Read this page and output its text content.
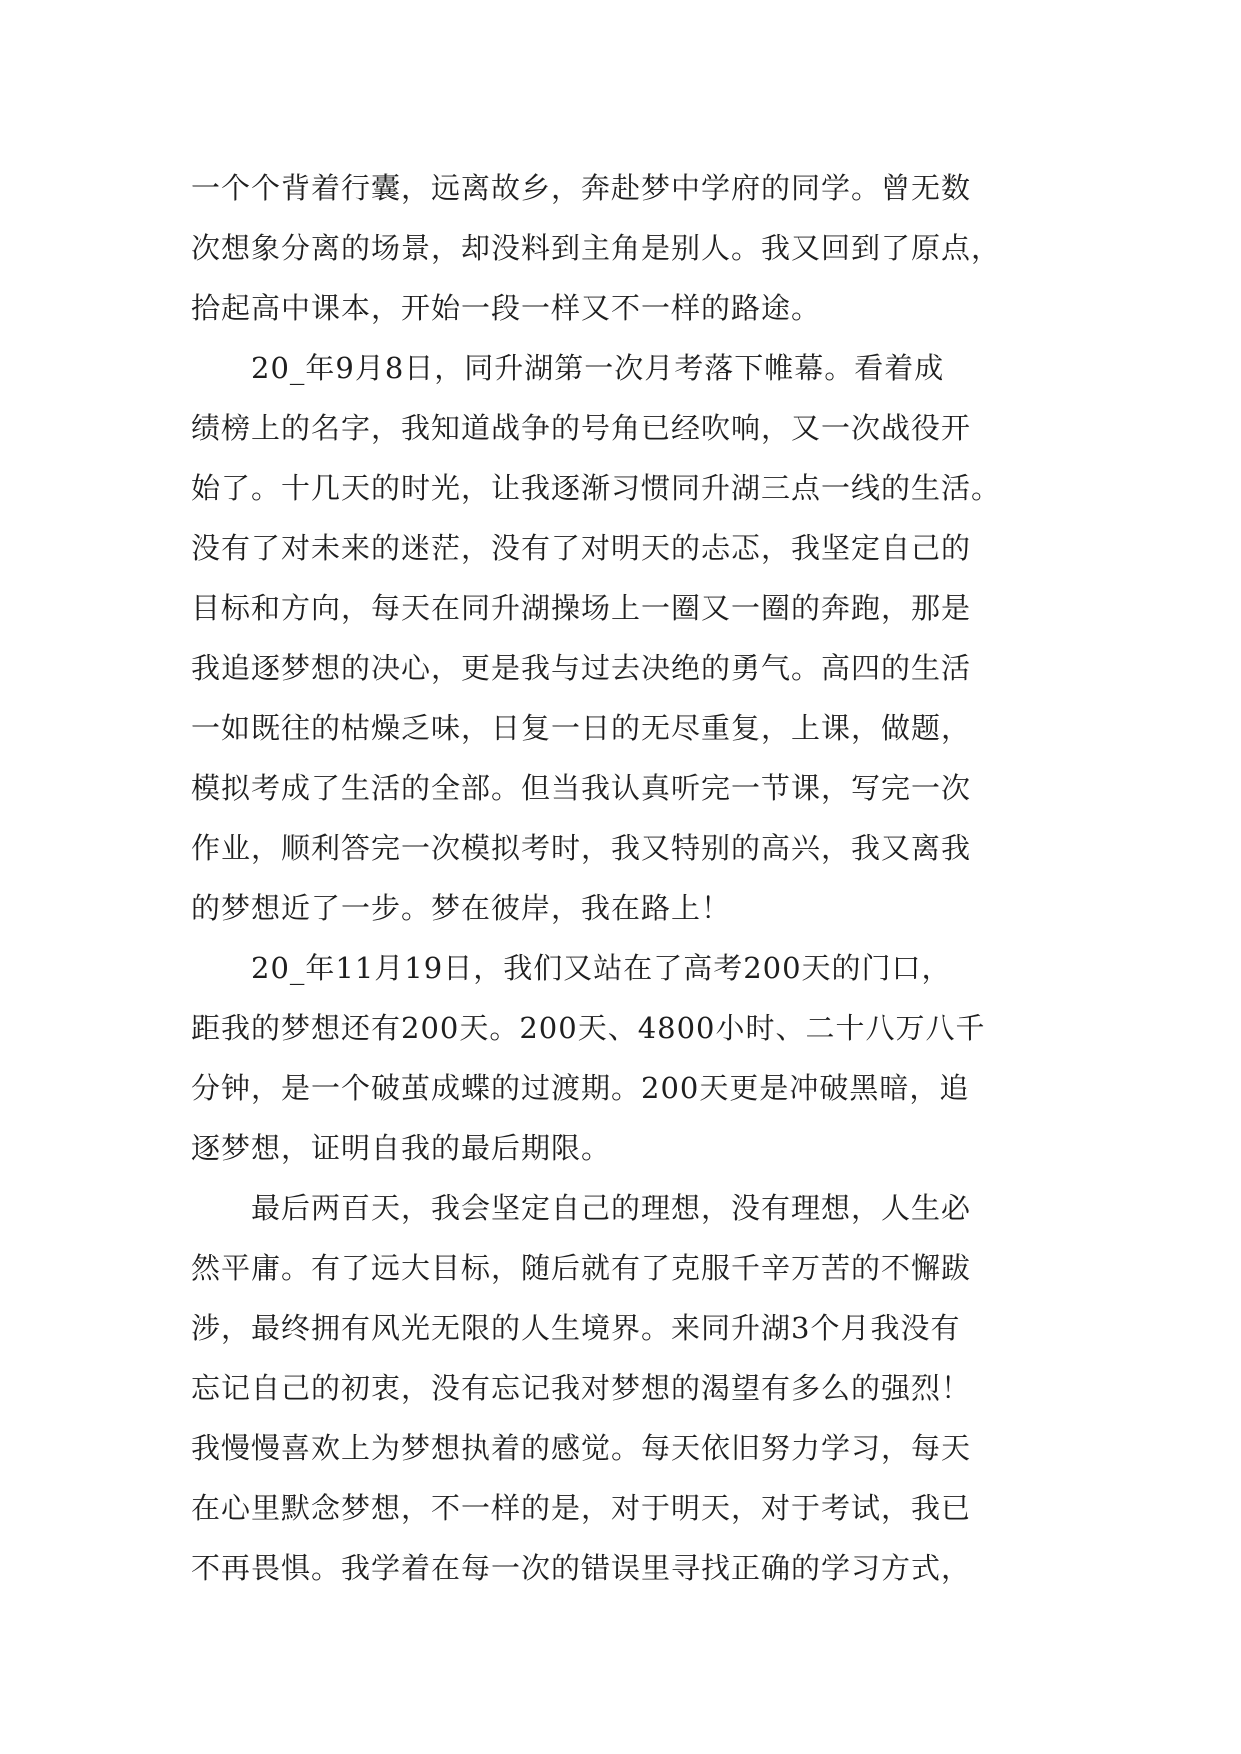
一个个背着行囊，远离故乡，奔赴梦中学府的同学。曾无数
次想象分离的场景，却没料到主角是别人。我又回到了原点，
拾起高中课本，开始一段一样又不一样的路途。
20_年9月8日，同升湖第一次月考落下帷幕。看着成
绩榜上的名字，我知道战争的号角已经吹响，又一次战役开
始了。十几天的时光，让我逐渐习惯同升湖三点一线的生活。
没有了对未来的迷茫，没有了对明天的忐忑，我坚定自己的
目标和方向，每天在同升湖操场上一圈又一圈的奔跑，那是
我追逐梦想的决心，更是我与过去决绝的勇气。高四的生活
一如既往的枯燥乏味，日复一日的无尽重复，上课，做题，
模拟考成了生活的全部。但当我认真听完一节课，写完一次
作业，顺利答完一次模拟考时，我又特别的高兴，我又离我
的梦想近了一步。梦在彼岸，我在路上！
20_年11月19日，我们又站在了高考200天的门口，
距我的梦想还有200天。200天、4800小时、二十八万八千
分钟，是一个破茧成蝶的过渡期。200天更是冲破黑暗，追
逐梦想，证明自我的最后期限。
最后两百天，我会坚定自己的理想，没有理想，人生必
然平庸。有了远大目标，随后就有了克服千辛万苦的不懈跋
涉，最终拥有风光无限的人生境界。来同升湖3个月我没有
忘记自己的初衷，没有忘记我对梦想的渴望有多么的强烈！
我慢慢喜欢上为梦想执着的感觉。每天依旧努力学习，每天
在心里默念梦想，不一样的是，对于明天，对于考试，我已
不再畏惧。我学着在每一次的错误里寻找正确的学习方式，
